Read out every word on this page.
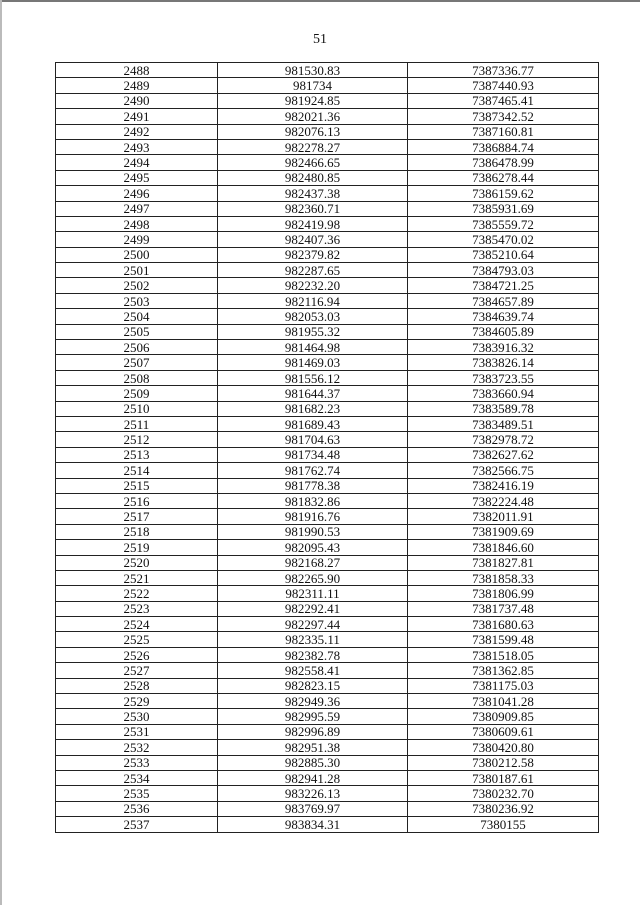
51
2488	981530.83	7387336.77
2489	981734	7387440.93
2490	981924.85	7387465.41
2491	982021.36	7387342.52
2492	982076.13	7387160.81
2493	982278.27	7386884.74
2494	982466.65	7386478.99
2495	982480.85	7386278.44
2496	982437.38	7386159.62
2497	982360.71	7385931.69
2498	982419.98	7385559.72
2499	982407.36	7385470.02
2500	982379.82	7385210.64
2501	982287.65	7384793.03
2502	982232.20	7384721.25
2503	982116.94	7384657.89
2504	982053.03	7384639.74
2505	981955.32	7384605.89
2506	981464.98	7383916.32
2507	981469.03	7383826.14
2508	981556.12	7383723.55
2509	981644.37	7383660.94
2510	981682.23	7383589.78
2511	981689.43	7383489.51
2512	981704.63	7382978.72
2513	981734.48	7382627.62
2514	981762.74	7382566.75
2515	981778.38	7382416.19
2516	981832.86	7382224.48
2517	981916.76	7382011.91
2518	981990.53	7381909.69
2519	982095.43	7381846.60
2520	982168.27	7381827.81
2521	982265.90	7381858.33
2522	982311.11	7381806.99
2523	982292.41	7381737.48
2524	982297.44	7381680.63
2525	982335.11	7381599.48
2526	982382.78	7381518.05
2527	982558.41	7381362.85
2528	982823.15	7381175.03
2529	982949.36	7381041.28
2530	982995.59	7380909.85
2531	982996.89	7380609.61
2532	982951.38	7380420.80
2533	982885.30	7380212.58
2534	982941.28	7380187.61
2535	983226.13	7380232.70
2536	983769.97	7380236.92
2537	983834.31	7380155
